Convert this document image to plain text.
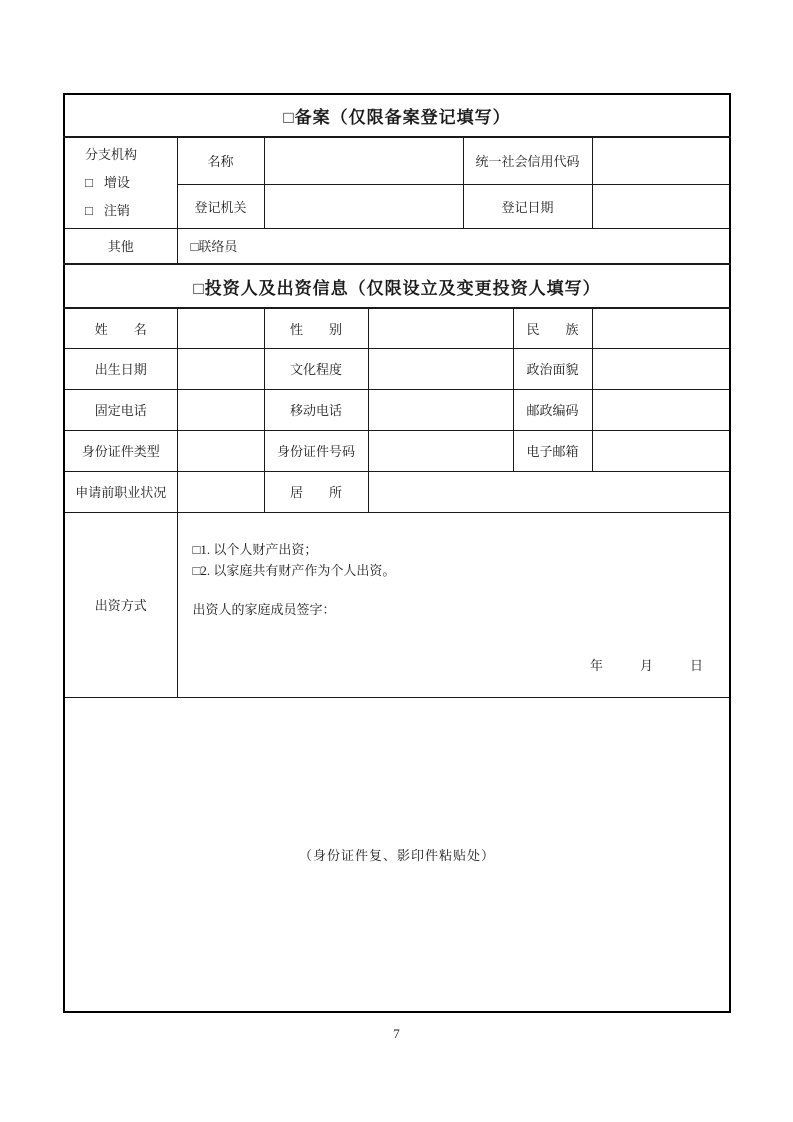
□备案（仅限备案登记填写）						

分支机构
□ 增设
□ 注销	名称			统一社会信用代码		
	登记机关			登记日期		
其他	□联络员					
□投资人及出资信息（仅限设立及变更投资人填写）						
姓　　名		性　　别			民　　族	
出生日期		文化程度			政治面貌	
固定电话		移动电话			邮政编码	
身份证件类型		身份证件号码			电子邮箱	
申请前职业状况		居　　所				
出资方式	□1. 以个人财产出资；
□2. 以家庭共有财产作为个人出资。
出资人的家庭成员签字：
年 月 日					

（身份证件复、影印件粘贴处）						
7
